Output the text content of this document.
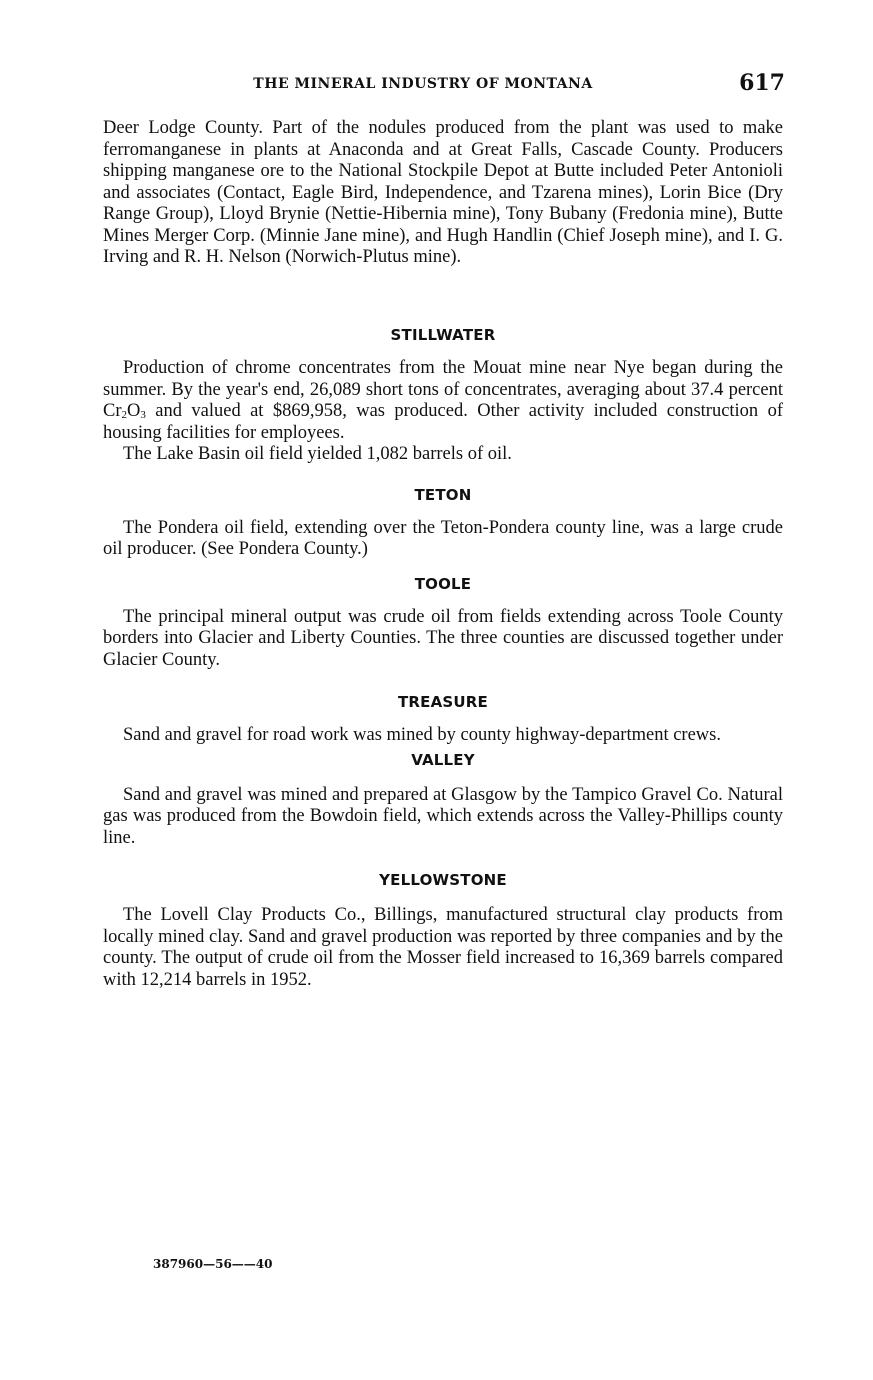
THE MINERAL INDUSTRY OF MONTANA	617

Deer Lodge County. Part of the nodules produced from the plant was used to make ferromanganese in plants at Anaconda and at Great Falls, Cascade County. Producers shipping manganese ore to the National Stockpile Depot at Butte included Peter Antonioli and associates (Contact, Eagle Bird, Independence, and Tzarena mines), Lorin Bice (Dry Range Group), Lloyd Brynie (Nettie-Hibernia mine), Tony Bubany (Fredonia mine), Butte Mines Merger Corp. (Minnie Jane mine), and Hugh Handlin (Chief Joseph mine), and I. G. Irving and R. H. Nelson (Norwich-Plutus mine).

STILLWATER

Production of chrome concentrates from the Mouat mine near Nye began during the summer. By the year's end, 26,089 short tons of concentrates, averaging about 37.4 percent $Cr_2O_3$ and valued at $869,958, was produced. Other activity included construction of housing facilities for employees.

The Lake Basin oil field yielded 1,082 barrels of oil.

TETON

The Pondera oil field, extending over the Teton-Pondera county line, was a large crude oil producer. (See Pondera County.)

TOOLE

The principal mineral output was crude oil from fields extending across Toole County borders into Glacier and Liberty Counties. The three counties are discussed together under Glacier County.

TREASURE

Sand and gravel for road work was mined by county highway-department crews.

VALLEY

Sand and gravel was mined and prepared at Glasgow by the Tampico Gravel Co. Natural gas was produced from the Bowdoin field, which extends across the Valley-Phillips county line.

YELLOWSTONE

The Lovell Clay Products Co., Billings, manufactured structural clay products from locally mined clay. Sand and gravel production was reported by three companies and by the county. The output of crude oil from the Mosser field increased to 16,369 barrels compared with 12,214 barrels in 1952.

387960—56——40
